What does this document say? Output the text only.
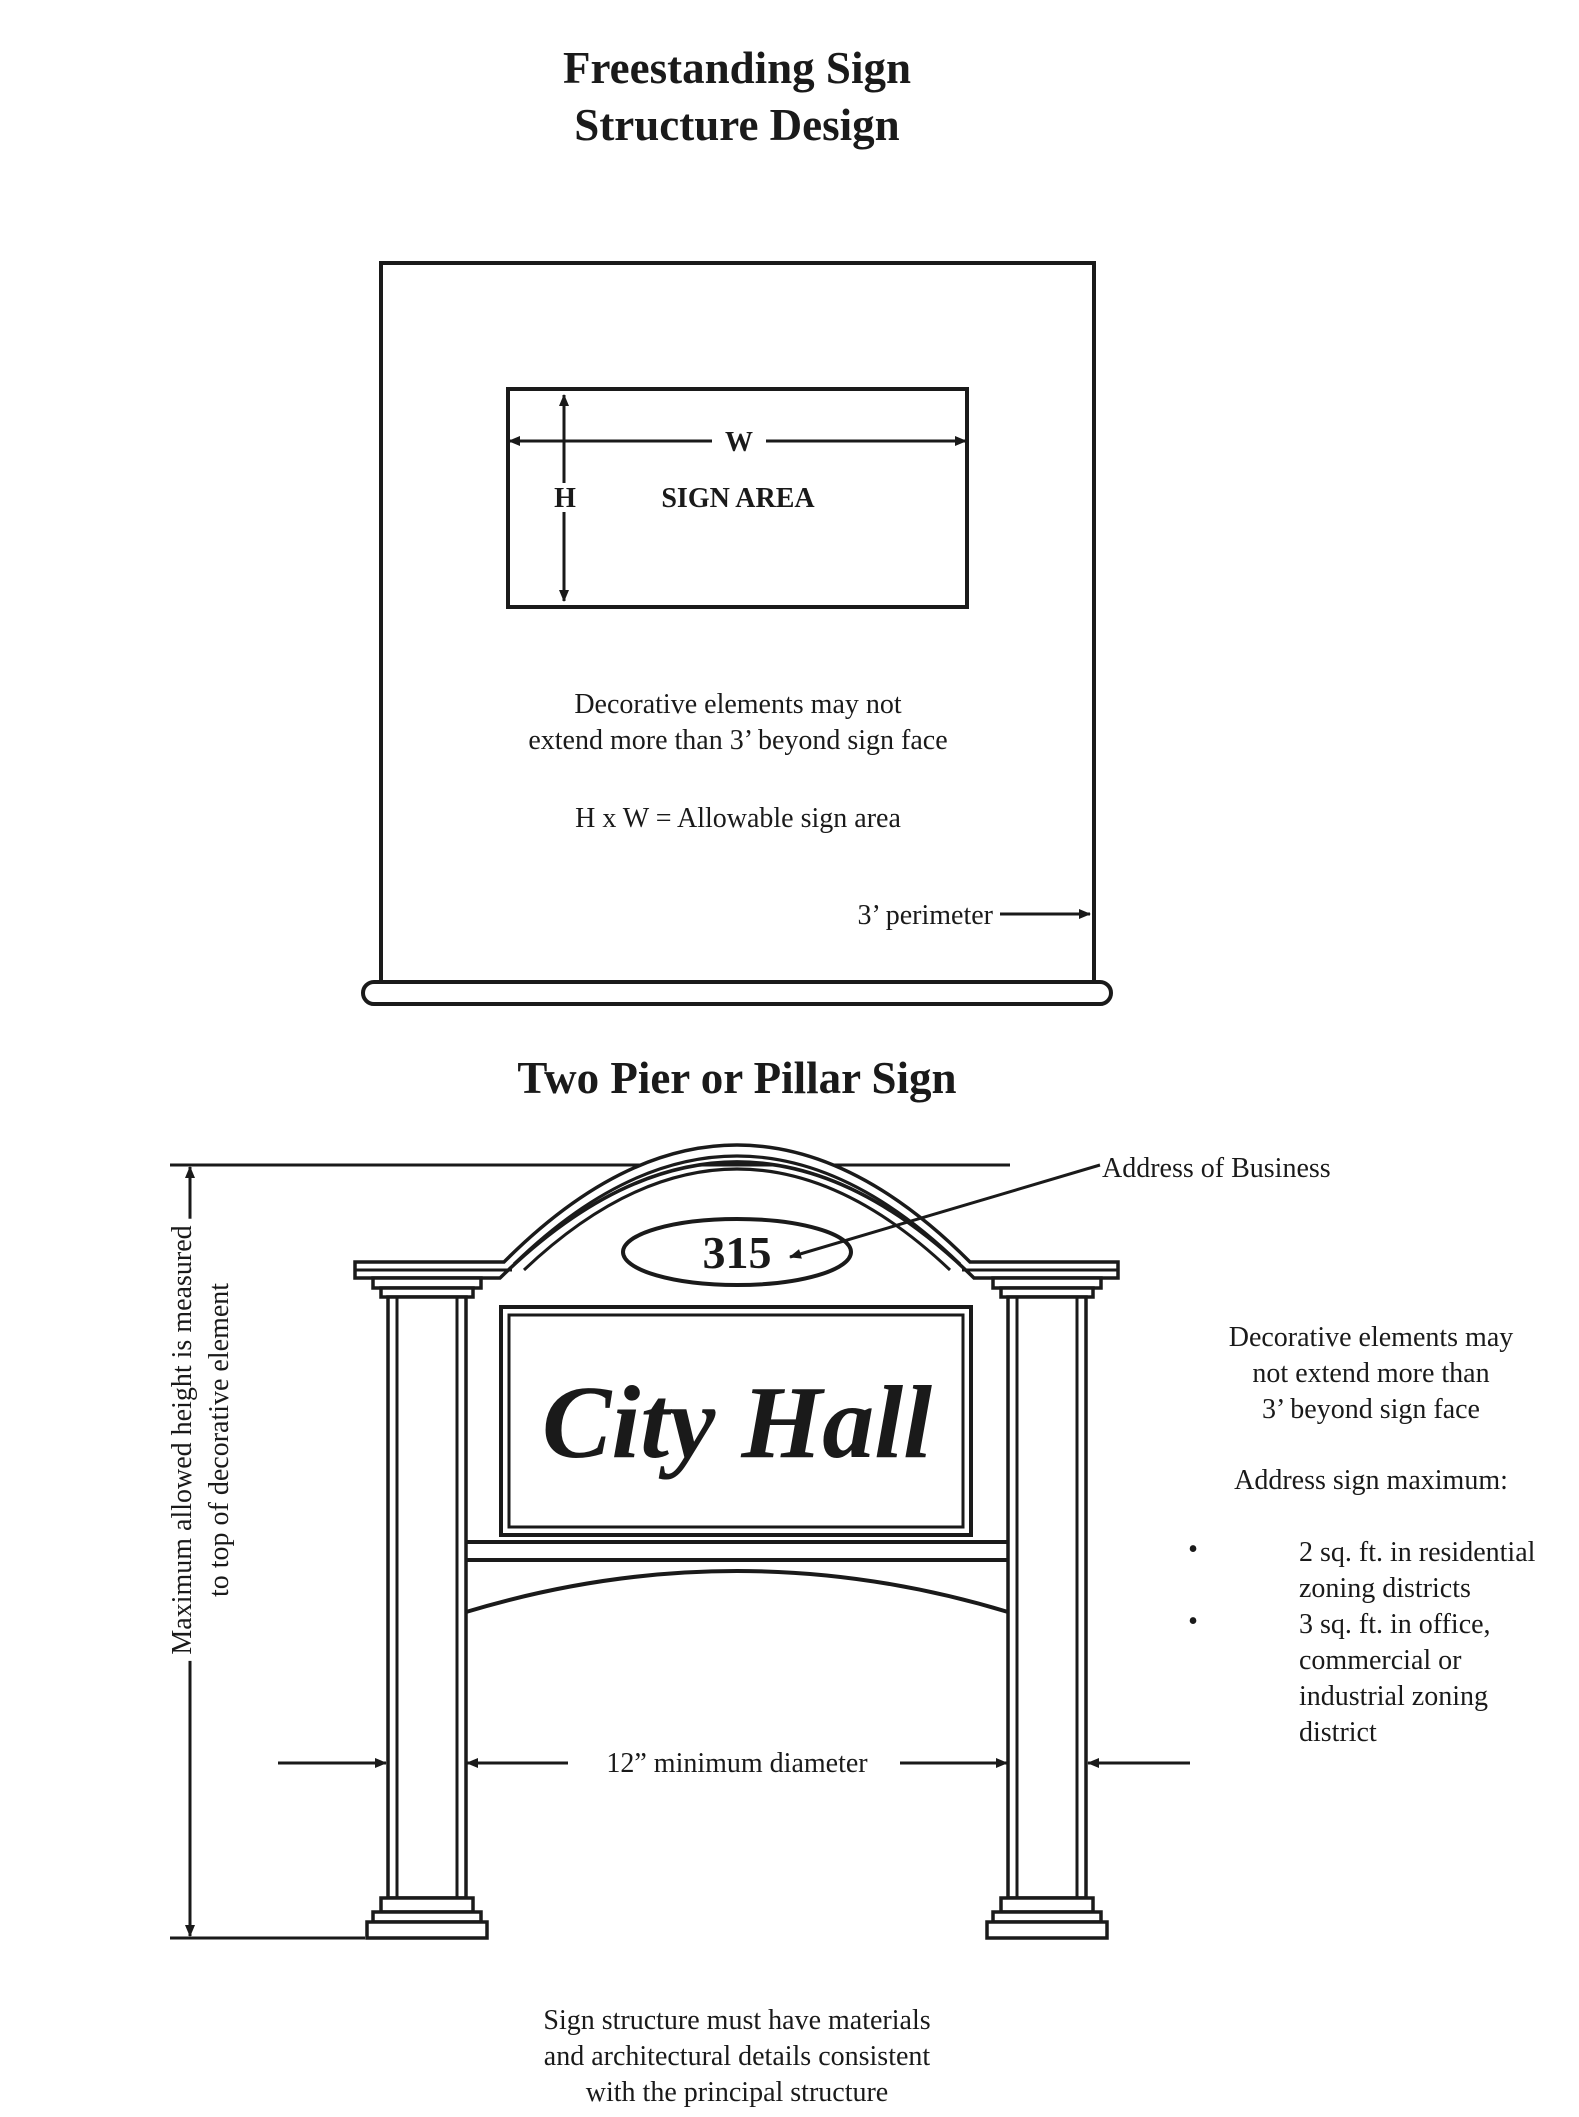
Freestanding Sign
Structure Design
W
H	SIGN AREA
Decorative elements may not
extend more than 3’ beyond sign face
H x W = Allowable sign area
3’ perimeter
Two Pier or Pillar Sign
Maximum allowed height is measured to top of decorative element	City Hall
315
Address of Business
12” minimum diameter
Decorative elements may
not extend more than
3’ beyond sign face
Address sign maximum:
•	2 sq. ft. in residential
zoning districts
•	3 sq. ft. in office,
commercial or
industrial zoning
district
Sign structure must have materials
and architectural details consistent
with the principal structure
